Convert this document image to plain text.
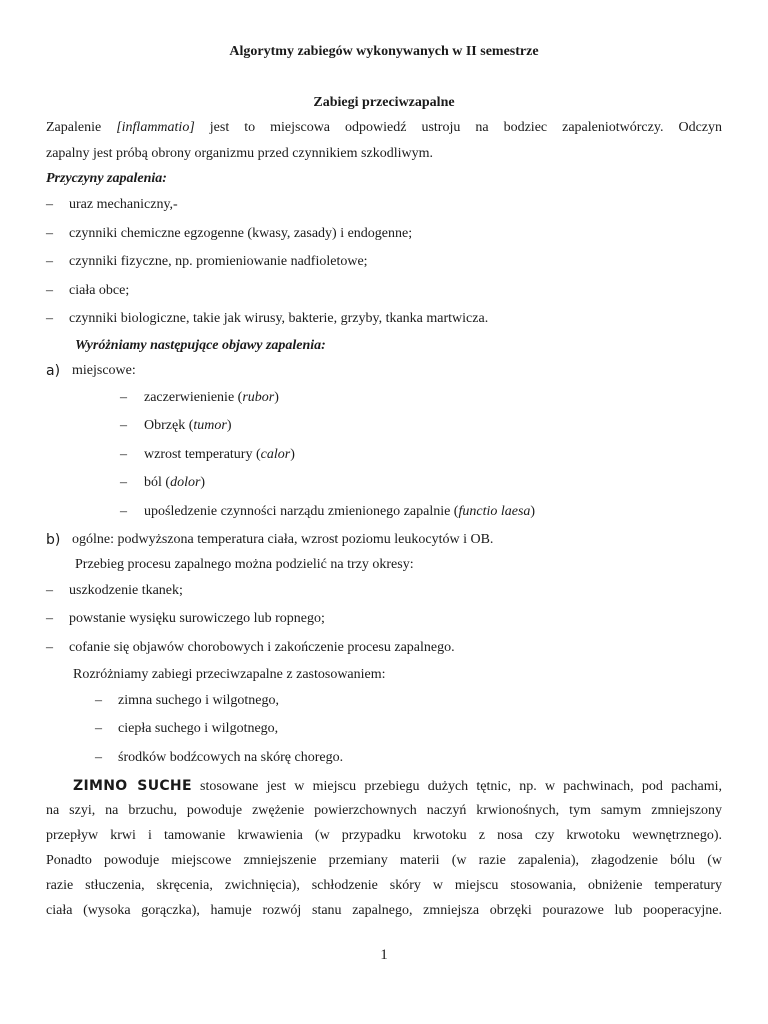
Algorytmy zabiegów wykonywanych w II semestrze
Zabiegi przeciwzapalne
Zapalenie [inflammatio] jest to miejscowa odpowiedź ustroju na bodziec zapaleniotwórczy. Odczyn
zapalny jest próbą obrony organizmu przed czynnikiem szkodliwym.
Przyczyny zapalenia:
– uraz mechaniczny,-
– czynniki chemiczne egzogenne (kwasy, zasady) i endogenne;
– czynniki fizyczne, np. promieniowanie nadfioletowe;
– ciała obce;
– czynniki biologiczne, takie jak wirusy, bakterie, grzyby, tkanka martwicza.
Wyróżniamy następujące objawy zapalenia:
a) miejscowe:
– zaczerwienienie (rubor)
– Obrzęk (tumor)
– wzrost temperatury (calor)
– ból (dolor)
– upośledzenie czynności narządu zmienionego zapalnie (functio laesa)
b) ogólne: podwyższona temperatura ciała, wzrost poziomu leukocytów i OB.
Przebieg procesu zapalnego można podzielić na trzy okresy:
– uszkodzenie tkanek;
– powstanie wysięku surowiczego lub ropnego;
– cofanie się objawów chorobowych i zakończenie procesu zapalnego.
Rozróżniamy zabiegi przeciwzapalne z zastosowaniem:
– zimna suchego i wilgotnego,
– ciepła suchego i wilgotnego,
– środków bodźcowych na skórę chorego.
ZIMNO SUCHE stosowane jest w miejscu przebiegu dużych tętnic, np. w pachwinach, pod pachami,
na szyi, na brzuchu, powoduje zwężenie powierzchownych naczyń krwionośnych, tym samym zmniejszony
przepływ krwi i tamowanie krwawienia (w przypadku krwotoku z nosa czy krwotoku wewnętrznego).
Ponadto powoduje miejscowe zmniejszenie przemiany materii (w razie zapalenia), złagodzenie bólu (w
razie stłuczenia, skręcenia, zwichnięcia), schłodzenie skóry w miejscu stosowania, obniżenie temperatury
ciała (wysoka gorączka), hamuje rozwój stanu zapalnego, zmniejsza obrzęki pourazowe lub pooperacyjne.
1
